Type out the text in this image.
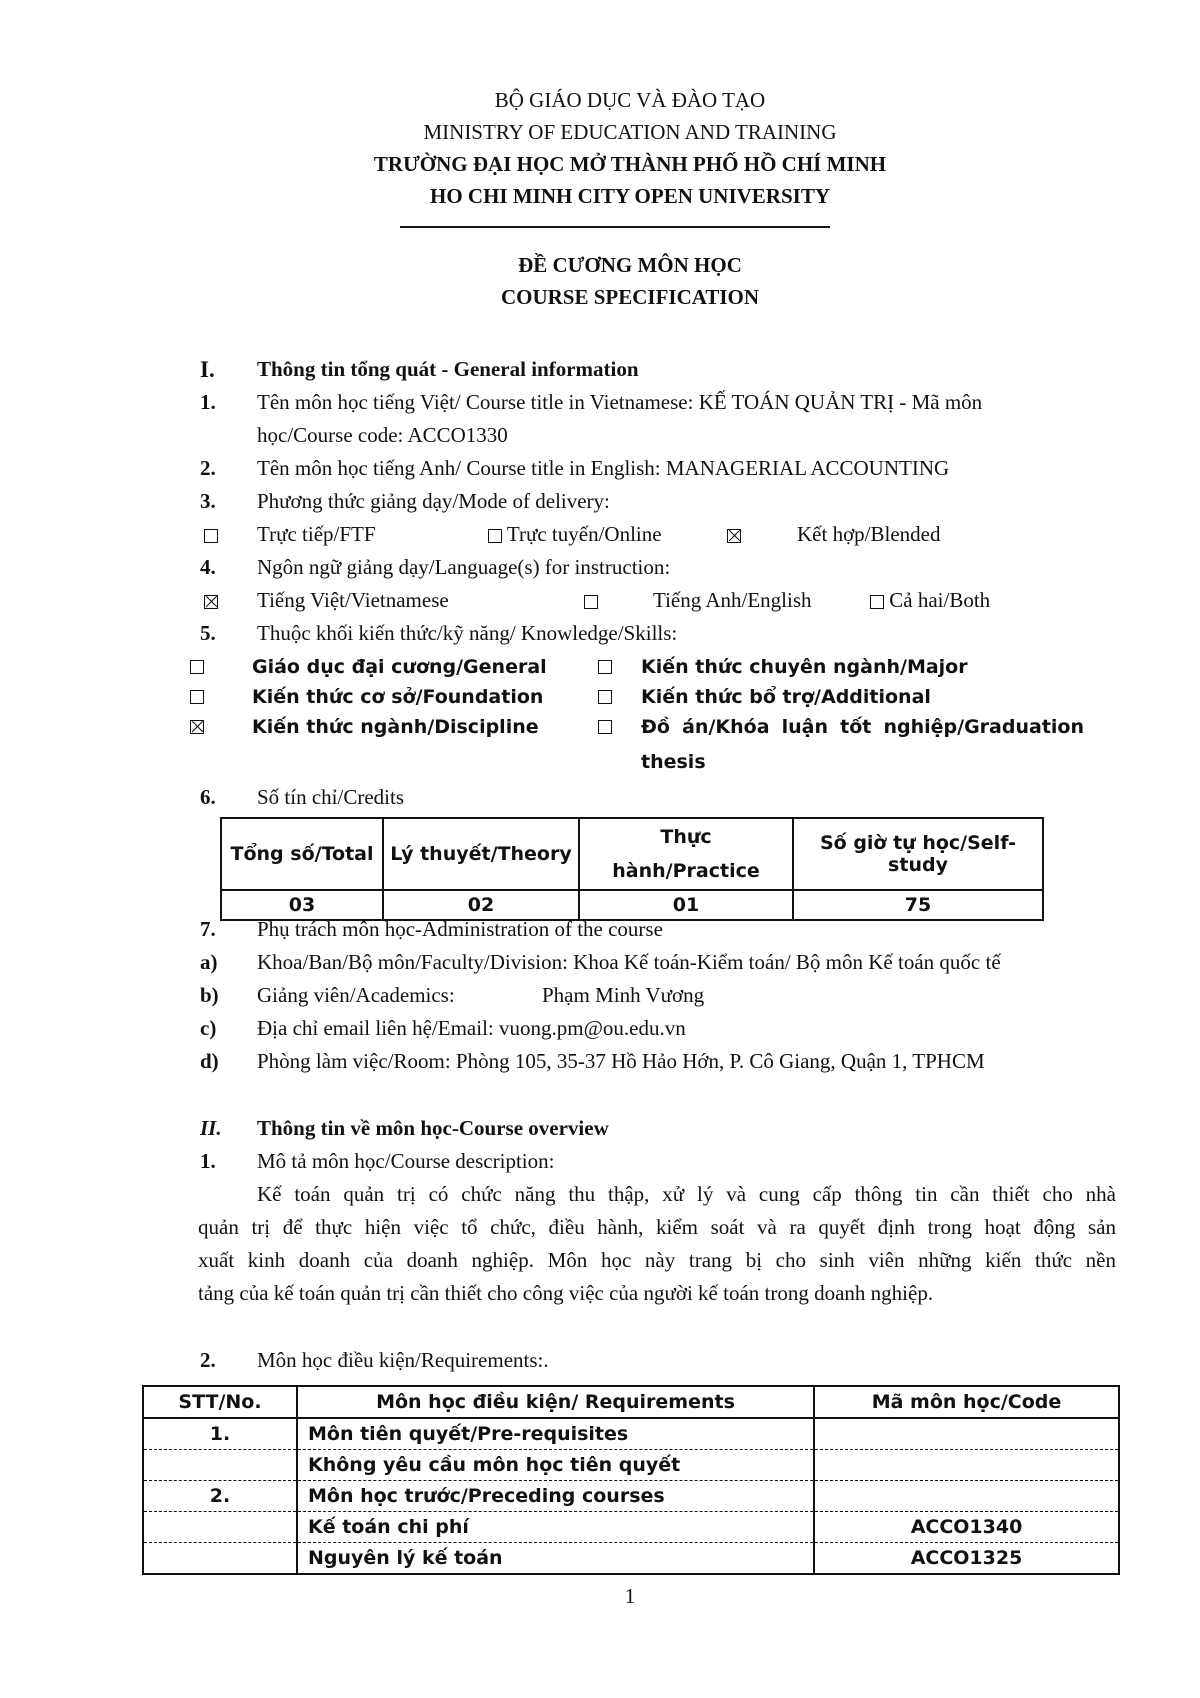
BỘ GIÁO DỤC VÀ ĐÀO TẠO
MINISTRY OF EDUCATION AND TRAINING
TRƯỜNG ĐẠI HỌC MỞ THÀNH PHỐ HỒ CHÍ MINH
HO CHI MINH CITY OPEN UNIVERSITY
ĐỀ CƯƠNG MÔN HỌC
COURSE SPECIFICATION
I. Thông tin tổng quát - General information
1.	Tên môn học tiếng Việt/ Course title in Vietnamese: KẾ TOÁN QUẢN TRỊ - Mã môn
học/Course code: ACCO1330
2.	Tên môn học tiếng Anh/ Course title in English: MANAGERIAL ACCOUNTING
3.	Phương thức giảng dạy/Mode of delivery:
Trực tiếp/FTF	Trực tuyến/Online	Kết hợp/Blended
4.	Ngôn ngữ giảng dạy/Language(s) for instruction:
Tiếng Việt/Vietnamese	Tiếng Anh/English	Cả hai/Both
5.	Thuộc khối kiến thức/kỹ năng/ Knowledge/Skills:
Giáo dục đại cương/General
Kiến thức cơ sở/Foundation
Kiến thức ngành/Discipline
Kiến thức chuyên ngành/Major
Kiến thức bổ trợ/Additional
Đồ án/Khóa luận tốt nghiệp/Graduation
thesis
6.	Số tín chỉ/Credits
Tổng số/Total	Lý thuyết/Theory	Thực
hành/Practice	Số giờ tự học/Self-study
03	02	01	75
7.	Phụ trách môn học-Administration of the course
a)	Khoa/Ban/Bộ môn/Faculty/Division: Khoa Kế toán-Kiểm toán/ Bộ môn Kế toán quốc tế
b)	Giảng viên/Academics:	Phạm Minh Vương
c)	Địa chỉ email liên hệ/Email: vuong.pm@ou.edu.vn
d)	Phòng làm việc/Room: Phòng 105, 35-37 Hồ Hảo Hớn, P. Cô Giang, Quận 1, TPHCM
II. Thông tin về môn học-Course overview
1.	Mô tả môn học/Course description:
Kế toán quản trị có chức năng thu thập, xử lý và cung cấp thông tin cần thiết cho nhà
quản trị để thực hiện việc tổ chức, điều hành, kiểm soát và ra quyết định trong hoạt động sản
xuất kinh doanh của doanh nghiệp. Môn học này trang bị cho sinh viên những kiến thức nền
tảng của kế toán quản trị cần thiết cho công việc của người kế toán trong doanh nghiệp.
2.	Môn học điều kiện/Requirements:.
STT/No.	Môn học điều kiện/ Requirements	Mã môn học/Code
1.	Môn tiên quyết/Pre-requisites	
	Không yêu cầu môn học tiên quyết	
2.	Môn học trước/Preceding courses	
	Kế toán chi phí	ACCO1340
	Nguyên lý kế toán	ACCO1325
1
